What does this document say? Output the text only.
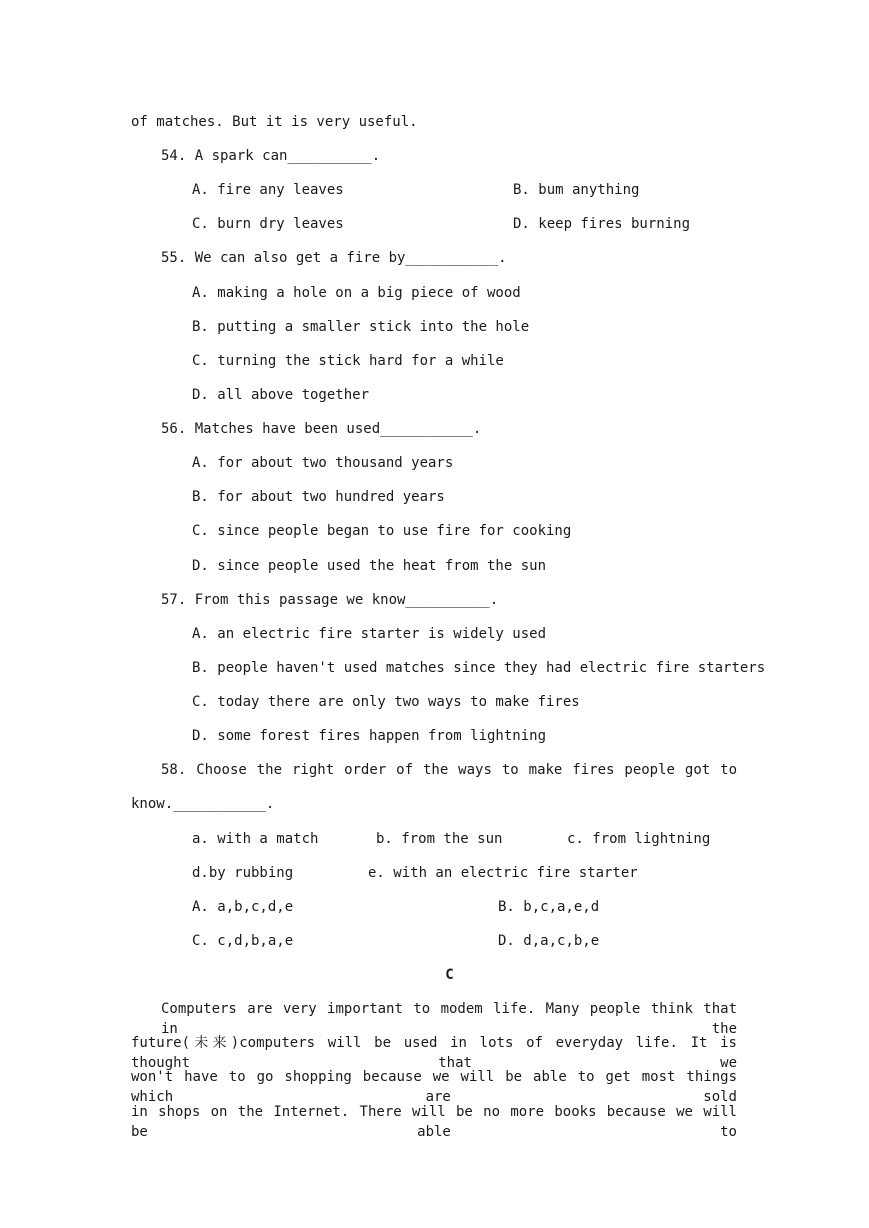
of matches. But it is very useful.
54. A spark can__________.
A. fire any leaves	B. bum anything
C. burn dry leaves	D. keep fires burning
55. We can also get a fire by___________.
A. making a hole on a big piece of wood
B. putting a smaller stick into the hole
C. turning the stick hard for a while
D. all above together
56. Matches have been used___________.
A. for about two thousand years
B. for about two hundred years
C. since people began to use fire for cooking
D. since people used the heat from the sun
57. From this passage we know__________.
A. an electric fire starter is widely used
B. people haven't used matches since they had electric fire starters
C. today there are only two ways to make fires
D. some forest fires happen from lightning
58. Choose the right order of the ways to make fires people got to
know.___________.
a. with a match	b. from the sun	c. from lightning
d.by rubbing	e. with an electric fire starter
A. a,b,c,d,e	B. b,c,a,e,d
C. c,d,b,a,e	D. d,a,c,b,e
C
Computers are very important to modem life. Many people think that in the
future(未来)computers will be used in lots of everyday life. It is thought that we
won't have to go shopping because we will be able to get most things which are sold
in shops on the Internet. There will be no more books because we will be able to
